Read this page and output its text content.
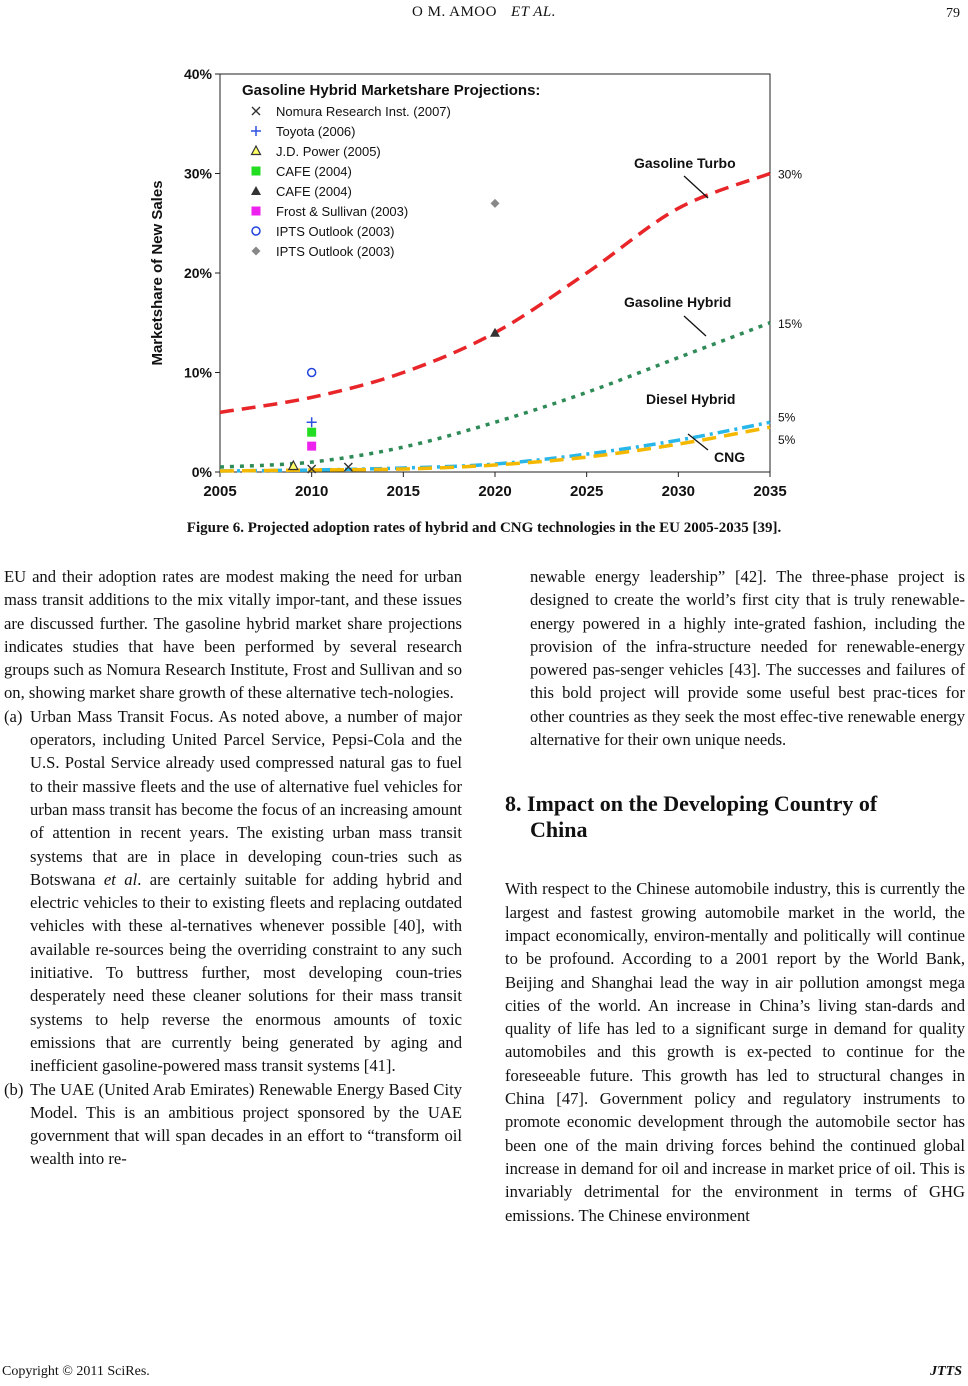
O M. AMOO ET AL.	79
0%
10%
20%
30%
40%
2005	2010	2015	2020	2025	2030	2035
Marketshare of New Sales
30%
15%
5%
5%
Gasoline Turbo
Gasoline Hybrid
Diesel Hybrid
CNG
Gasoline Hybrid Marketshare Projections:
Nomura Research Inst. (2007)
Toyota (2006)
J.D. Power (2005)
CAFE (2004)
CAFE (2004)
Frost & Sullivan (2003)
IPTS Outlook (2003)
IPTS Outlook (2003)
Figure 6. Projected adoption rates of hybrid and CNG technologies in the EU 2005-2035 [39].

EU and their adoption rates are modest making the need for urban mass transit additions to the mix vitally impor-tant, and these issues are discussed further. The gasoline hybrid market share projections indicates studies that have been performed by several research groups such as Nomura Research Institute, Frost and Sullivan and so on, showing market share growth of these alternative tech-nologies.

(a) Urban Mass Transit Focus. As noted above, a number of major operators, including United Parcel Service, Pepsi-Cola and the U.S. Postal Service already used compressed natural gas to fuel to their massive fleets and the use of alternative fuel vehicles for urban mass transit has become the focus of an increasing amount of attention in recent years. The existing urban mass transit systems that are in place in developing coun-tries such as Botswana et al. are certainly suitable for adding hybrid and electric vehicles to their to existing fleets and replacing outdated vehicles with these al-ternatives whenever possible [40], with available re-sources being the overriding constraint to any such initiative. To buttress further, most developing coun-tries desperately need these cleaner solutions for their mass transit systems to help reverse the enormous amounts of toxic emissions that are currently being generated by aging and inefficient gasoline-powered mass transit systems [41].

(b) The UAE (United Arab Emirates) Renewable Energy Based City Model. This is an ambitious project sponsored by the UAE government that will span decades in an effort to “transform oil wealth into re-

newable energy leadership” [42]. The three-phase project is designed to create the world’s first city that is truly renewable-energy powered in a highly inte-grated fashion, including the provision of the infra-structure needed for renewable-energy powered pas-senger vehicles [43]. The successes and failures of this bold project will provide some useful best prac-tices for other countries as they seek the most effec-tive renewable energy alternative for their own unique needs.

8. Impact on the Developing Country of
China

With respect to the Chinese automobile industry, this is currently the largest and fastest growing automobile market in the world, the impact economically, environ-mentally and politically will continue to be profound. According to a 2001 report by the World Bank, Beijing and Shanghai lead the way in air pollution amongst mega cities of the world. An increase in China’s living stan-dards and quality of life has led to a significant surge in demand for quality automobiles and this growth is ex-pected to continue for the foreseeable future. This growth has led to structural changes in China [47]. Government policy and regulatory instruments to promote economic development through the automobile sector has been one of the main driving forces behind the continued global increase in demand for oil and increase in market price of oil. This is invariably detrimental for the environment in terms of GHG emissions. The Chinese environment

Copyright © 2011 SciRes.	JTTS
